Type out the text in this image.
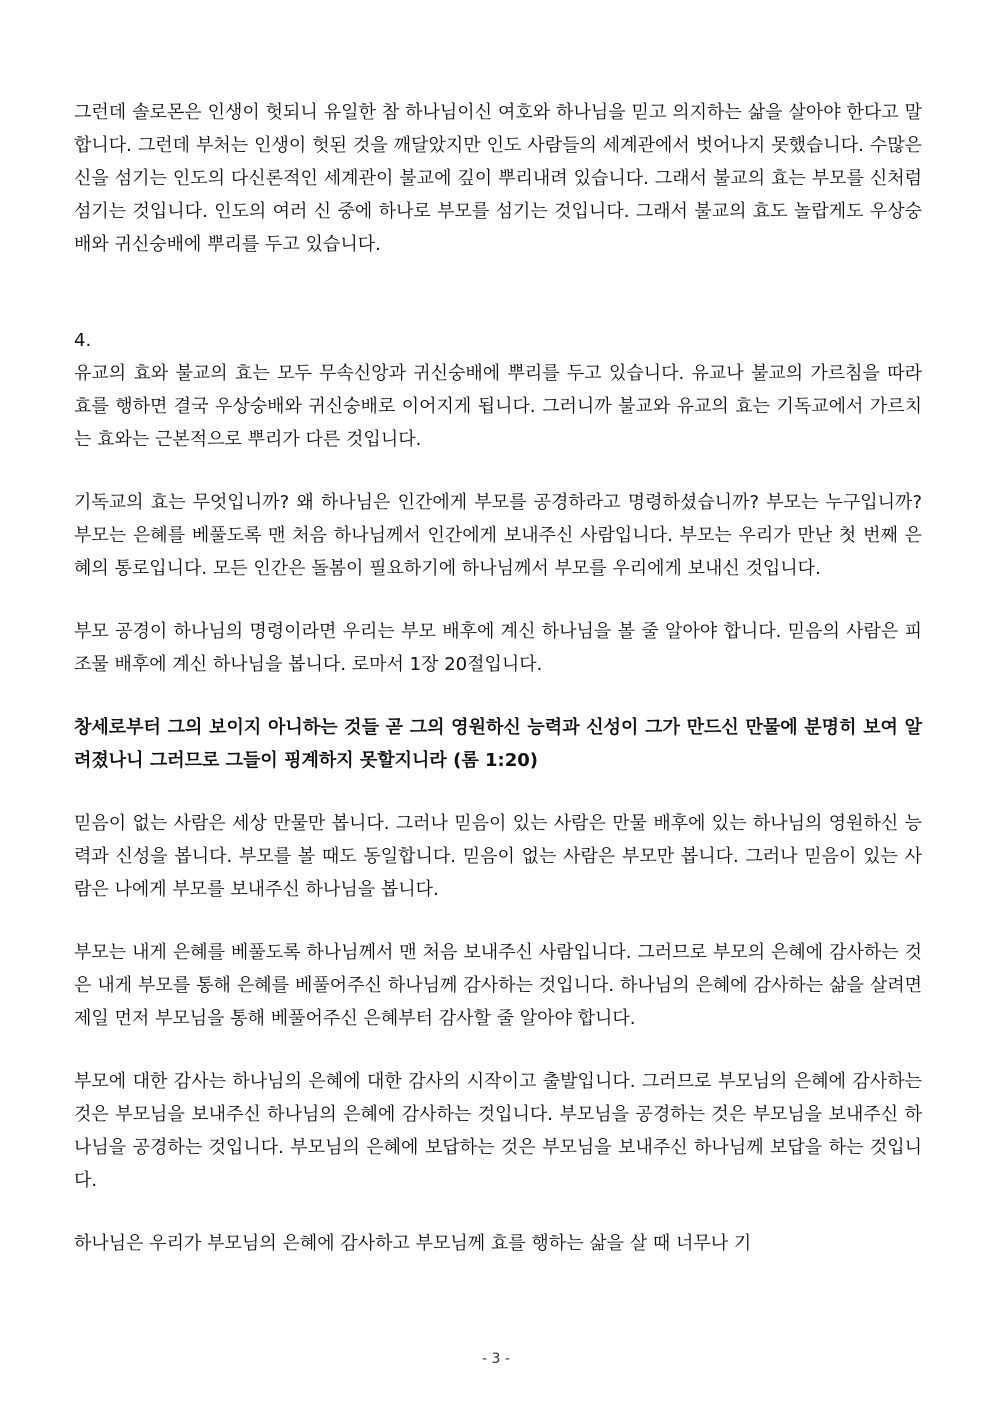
그런데 솔로몬은 인생이 헛되니 유일한 참 하나님이신 여호와 하나님을 믿고 의지하는 삶을 살아야 한다고 말합니다. 그런데 부처는 인생이 헛된 것을 깨달았지만 인도 사람들의 세계관에서 벗어나지 못했습니다. 수많은 신을 섬기는 인도의 다신론적인 세계관이 불교에 깊이 뿌리내려 있습니다. 그래서 불교의 효는 부모를 신처럼 섬기는 것입니다. 인도의 여러 신 중에 하나로 부모를 섬기는 것입니다. 그래서 불교의 효도 놀랍게도 우상숭배와 귀신숭배에 뿌리를 두고 있습니다.

4.

유교의 효와 불교의 효는 모두 무속신앙과 귀신숭배에 뿌리를 두고 있습니다. 유교나 불교의 가르침을 따라 효를 행하면 결국 우상숭배와 귀신숭배로 이어지게 됩니다. 그러니까 불교와 유교의 효는 기독교에서 가르치는 효와는 근본적으로 뿌리가 다른 것입니다.

기독교의 효는 무엇입니까? 왜 하나님은 인간에게 부모를 공경하라고 명령하셨습니까? 부모는 누구입니까? 부모는 은혜를 베풀도록 맨 처음 하나님께서 인간에게 보내주신 사람입니다. 부모는 우리가 만난 첫 번째 은혜의 통로입니다. 모든 인간은 돌봄이 필요하기에 하나님께서 부모를 우리에게 보내신 것입니다.

부모 공경이 하나님의 명령이라면 우리는 부모 배후에 계신 하나님을 볼 줄 알아야 합니다. 믿음의 사람은 피조물 배후에 계신 하나님을 봅니다. 로마서 1장 20절입니다.

창세로부터 그의 보이지 아니하는 것들 곧 그의 영원하신 능력과 신성이 그가 만드신 만물에 분명히 보여 알려졌나니 그러므로 그들이 핑계하지 못할지니라 (롬 1:20)

믿음이 없는 사람은 세상 만물만 봅니다. 그러나 믿음이 있는 사람은 만물 배후에 있는 하나님의 영원하신 능력과 신성을 봅니다. 부모를 볼 때도 동일합니다. 믿음이 없는 사람은 부모만 봅니다. 그러나 믿음이 있는 사람은 나에게 부모를 보내주신 하나님을 봅니다.

부모는 내게 은혜를 베풀도록 하나님께서 맨 처음 보내주신 사람입니다. 그러므로 부모의 은혜에 감사하는 것은 내게 부모를 통해 은혜를 베풀어주신 하나님께 감사하는 것입니다. 하나님의 은혜에 감사하는 삶을 살려면 제일 먼저 부모님을 통해 베풀어주신 은혜부터 감사할 줄 알아야 합니다.

부모에 대한 감사는 하나님의 은혜에 대한 감사의 시작이고 출발입니다. 그러므로 부모님의 은혜에 감사하는 것은 부모님을 보내주신 하나님의 은혜에 감사하는 것입니다. 부모님을 공경하는 것은 부모님을 보내주신 하나님을 공경하는 것입니다. 부모님의 은혜에 보답하는 것은 부모님을 보내주신 하나님께 보답을 하는 것입니다.

하나님은 우리가 부모님의 은혜에 감사하고 부모님께 효를 행하는 삶을 살 때 너무나 기

- 3 -
